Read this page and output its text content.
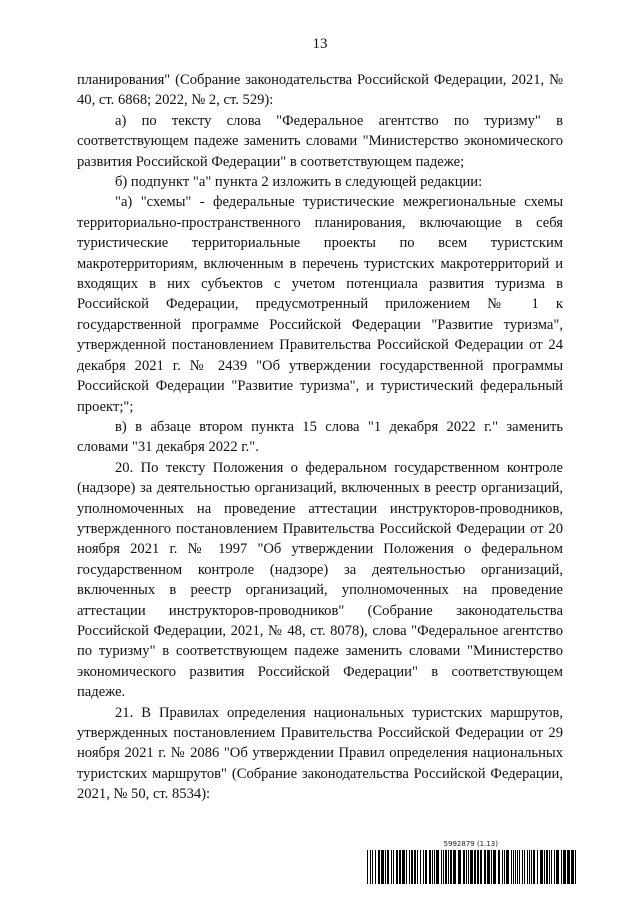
13

планирования" (Собрание законодательства Российской Федерации, 2021, № 40, ст. 6868; 2022, № 2, ст. 529):

а) по тексту слова "Федеральное агентство по туризму" в соответствующем падеже заменить словами "Министерство экономического развития Российской Федерации" в соответствующем падеже;

б) подпункт "а" пункта 2 изложить в следующей редакции:

"а) "схемы" - федеральные туристические межрегиональные схемы территориально-пространственного планирования, включающие в себя туристические территориальные проекты по всем туристским макротерриториям, включенным в перечень туристских макротерриторий и входящих в них субъектов с учетом потенциала развития туризма в Российской Федерации, предусмотренный приложением № 1 к государственной программе Российской Федерации "Развитие туризма", утвержденной постановлением Правительства Российской Федерации от 24 декабря 2021 г. № 2439 "Об утверждении государственной программы Российской Федерации "Развитие туризма", и туристический федеральный проект;";

в) в абзаце втором пункта 15 слова "1 декабря 2022 г." заменить словами "31 декабря 2022 г.".

20. По тексту Положения о федеральном государственном контроле (надзоре) за деятельностью организаций, включенных в реестр организаций, уполномоченных на проведение аттестации инструкторов-проводников, утвержденного постановлением Правительства Российской Федерации от 20 ноября 2021 г. № 1997 "Об утверждении Положения о федеральном государственном контроле (надзоре) за деятельностью организаций, включенных в реестр организаций, уполномоченных на проведение аттестации инструкторов-проводников" (Собрание законодательства Российской Федерации, 2021, № 48, ст. 8078), слова "Федеральное агентство по туризму" в соответствующем падеже заменить словами "Министерство экономического развития Российской Федерации" в соответствующем падеже.

21. В Правилах определения национальных туристских маршрутов, утвержденных постановлением Правительства Российской Федерации от 29 ноября 2021 г. № 2086 "Об утверждении Правил определения национальных туристских маршрутов" (Собрание законодательства Российской Федерации, 2021, № 50, ст. 8534):

5992879 (1.13)
